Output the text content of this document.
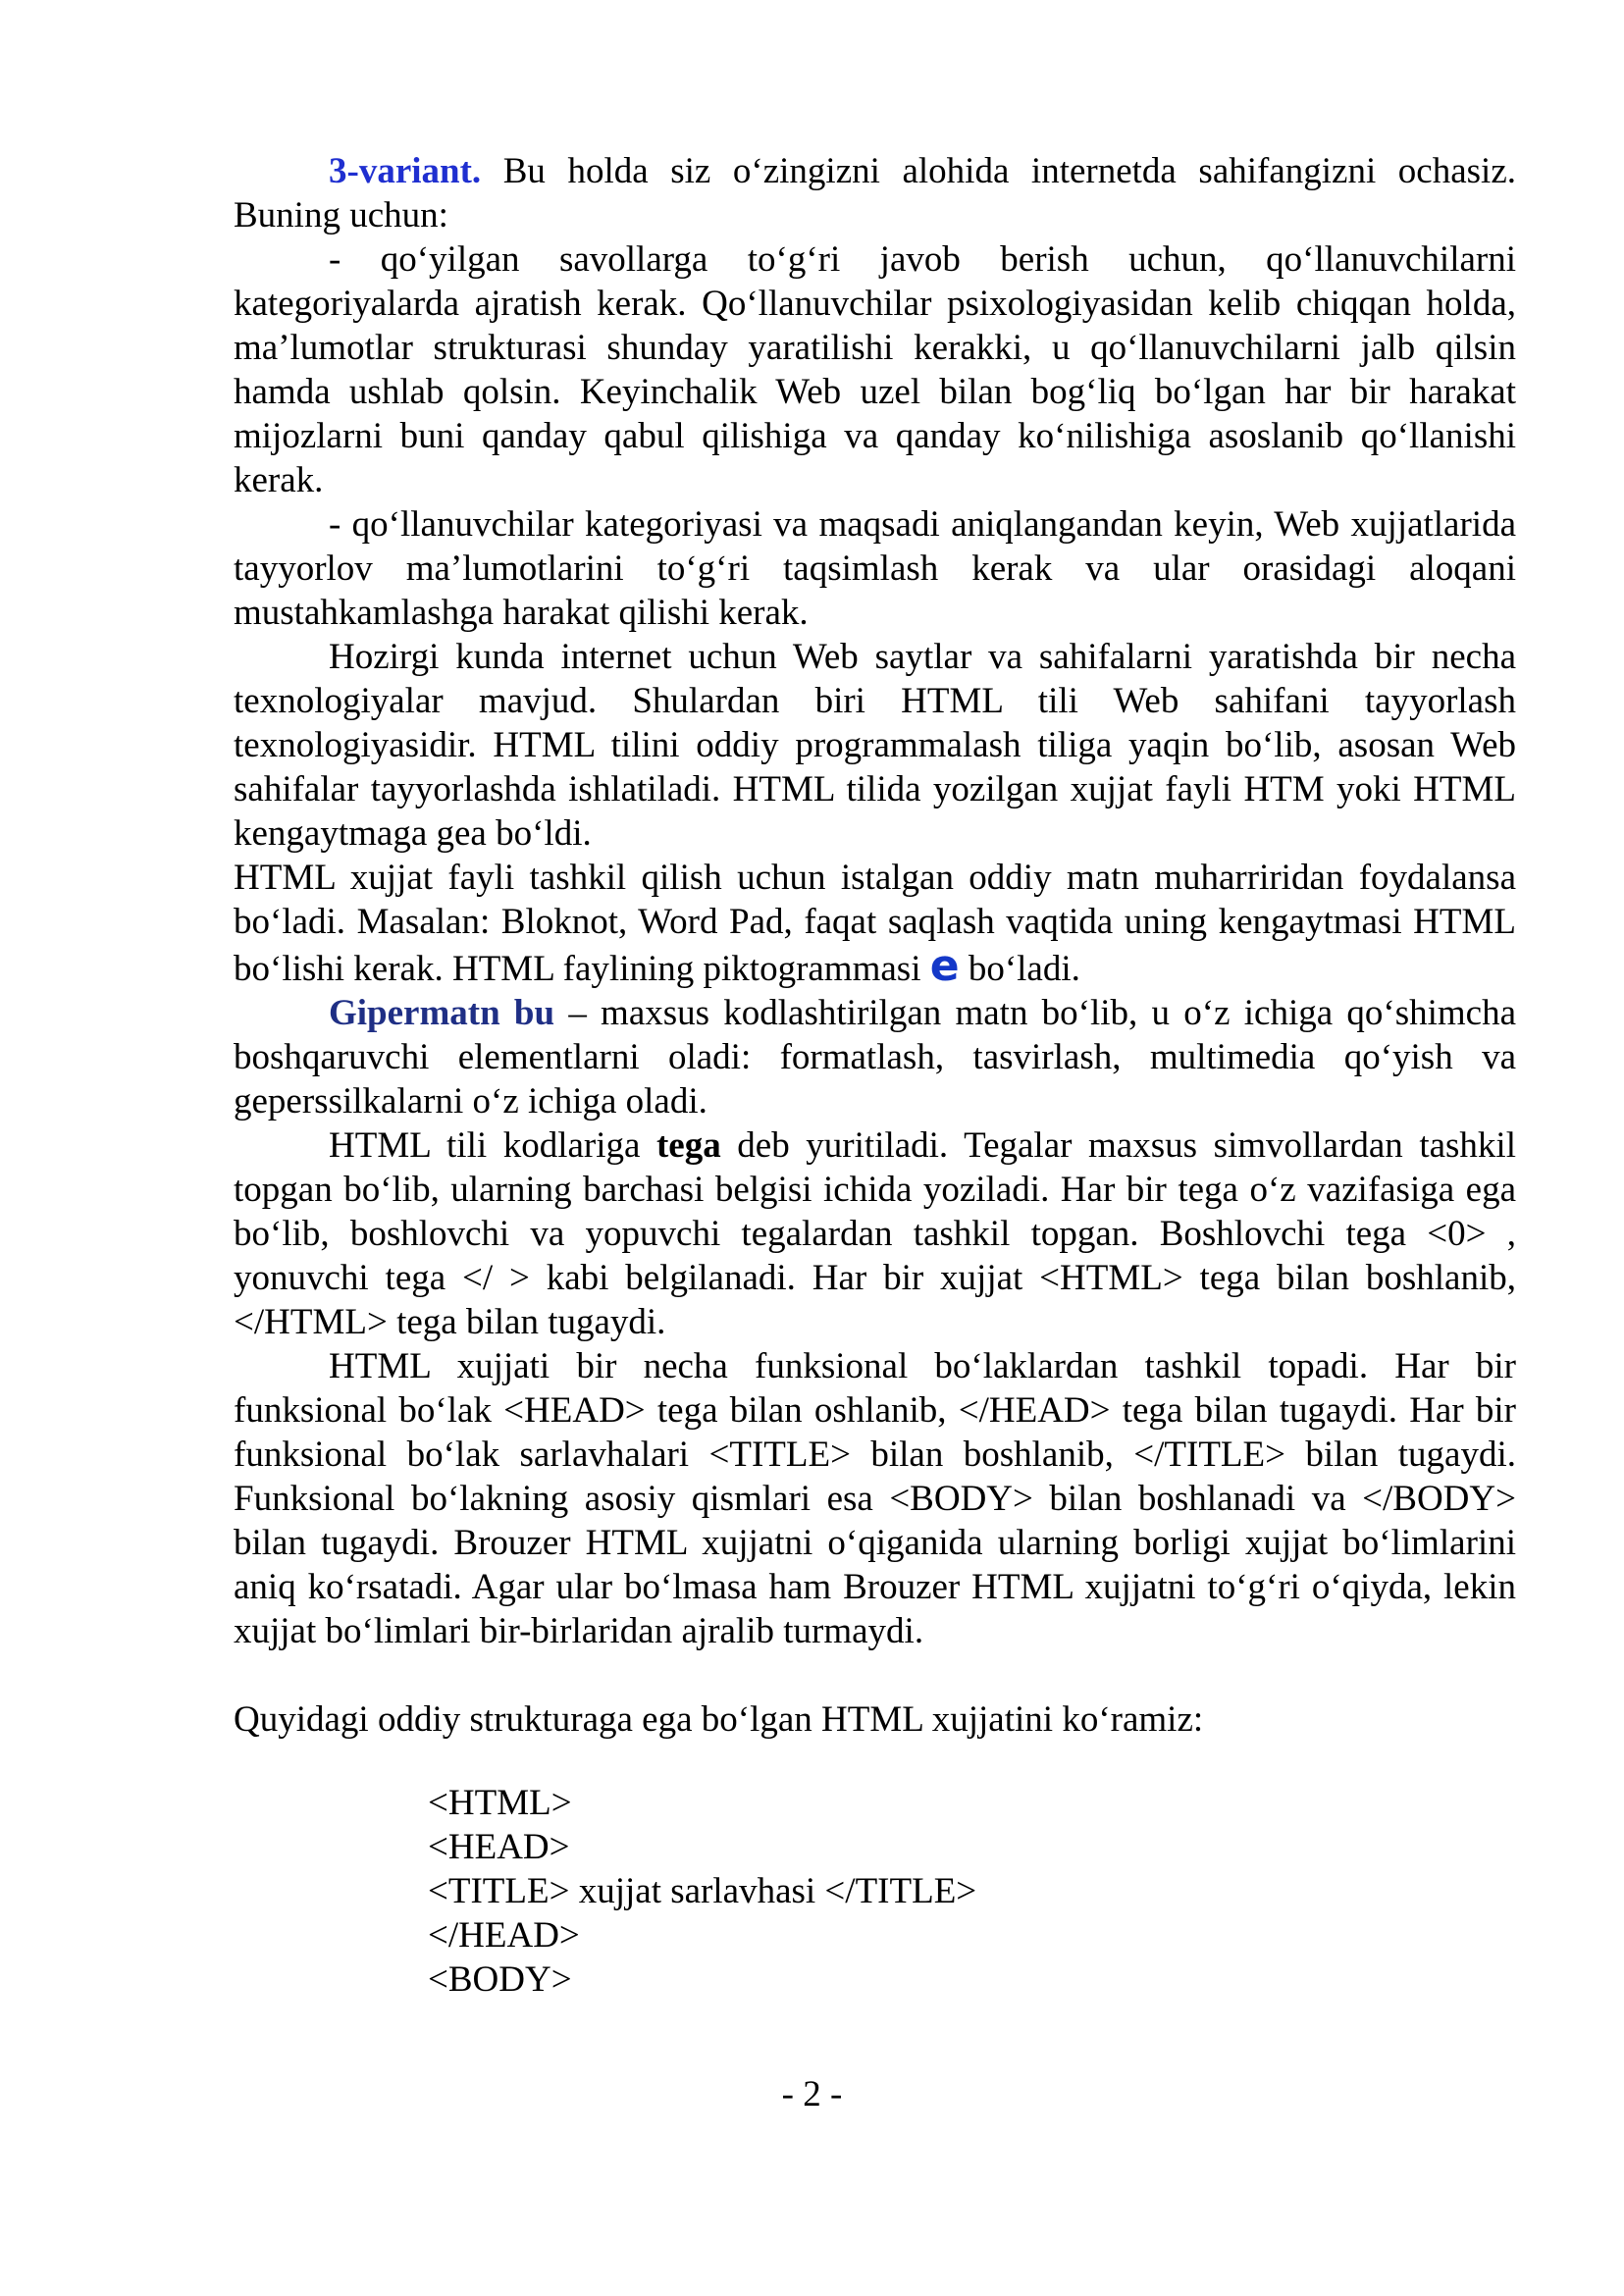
3-variant. Bu holda siz o‘zingizni alohida internetda sahifangizni ochasiz. Buning uchun:

- qo‘yilgan savollarga to‘g‘ri javob berish uchun, qo‘llanuvchilarni kategoriyalarda ajratish kerak. Qo‘llanuvchilar psixologiyasidan kelib chiqqan holda, ma’lumotlar strukturasi shunday yaratilishi kerakki, u qo‘llanuvchilarni jalb qilsin hamda ushlab qolsin. Keyinchalik Web uzel bilan bog‘liq bo‘lgan har bir harakat mijozlarni buni qanday qabul qilishiga va qanday ko‘nilishiga asoslanib qo‘llanishi kerak.

- qo‘llanuvchilar kategoriyasi va maqsadi aniqlangandan keyin, Web xujjatlarida tayyorlov ma’lumotlarini to‘g‘ri taqsimlash kerak va ular orasidagi aloqani mustahkamlashga harakat qilishi kerak.

Hozirgi kunda internet uchun Web saytlar va sahifalarni yaratishda bir necha texnologiyalar mavjud. Shulardan biri HTML tili Web sahifani tayyorlash texnologiyasidir. HTML tilini oddiy programmalash tiliga yaqin bo‘lib, asosan Web sahifalar tayyorlashda ishlatiladi. HTML tilida yozilgan xujjat fayli HTM yoki HTML kengaytmaga gea bo‘ldi.

HTML xujjat fayli tashkil qilish uchun istalgan oddiy matn muharriridan foydalansa bo‘ladi. Masalan: Bloknot, Word Pad, faqat saqlash vaqtida uning kengaytmasi HTML bo‘lishi kerak. HTML faylining piktogrammasi e bo‘ladi.

Gipermatn bu – maxsus kodlashtirilgan matn bo‘lib, u o‘z ichiga qo‘shimcha boshqaruvchi elementlarni oladi: formatlash, tasvirlash, multimedia qo‘yish va geperssilkalarni o‘z ichiga oladi.

HTML tili kodlariga tega deb yuritiladi. Tegalar maxsus simvollardan tashkil topgan bo‘lib, ularning barchasi belgisi ichida yoziladi. Har bir tega o‘z vazifasiga ega bo‘lib, boshlovchi va yopuvchi tegalardan tashkil topgan. Boshlovchi tega <0> , yonuvchi tega </ > kabi belgilanadi. Har bir xujjat <HTML> tega bilan boshlanib, </HTML> tega bilan tugaydi.

HTML xujjati bir necha funksional bo‘laklardan tashkil topadi. Har bir funksional bo‘lak <HEAD> tega bilan oshlanib, </HEAD> tega bilan tugaydi. Har bir funksional bo‘lak sarlavhalari <TITLE> bilan boshlanib, </TITLE> bilan tugaydi. Funksional bo‘lakning asosiy qismlari esa <BODY> bilan boshlanadi va </BODY> bilan tugaydi. Brouzer HTML xujjatni o‘qiganida ularning borligi xujjat bo‘limlarini aniq ko‘rsatadi. Agar ular bo‘lmasa ham Brouzer HTML xujjatni to‘g‘ri o‘qiyda, lekin xujjat bo‘limlari bir-birlaridan ajralib turmaydi.

Quyidagi oddiy strukturaga ega bo‘lgan HTML xujjatini ko‘ramiz:

<HTML>
<HEAD>
<TITLE> xujjat sarlavhasi </TITLE>
</HEAD>
<BODY>
- 2 -
